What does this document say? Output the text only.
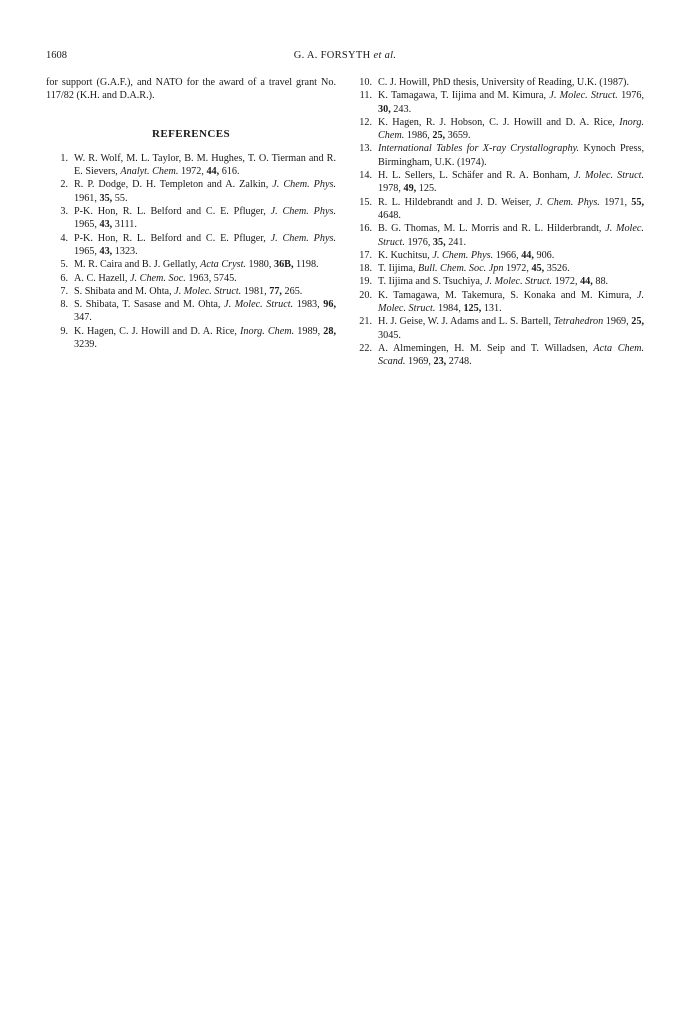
1608	G. A. FORSYTH et al.

for support (G.A.F.), and NATO for the award of a travel grant No. 117/82 (K.H. and D.A.R.).

REFERENCES
1. W. R. Wolf, M. L. Taylor, B. M. Hughes, T. O. Tierman and R. E. Sievers, Analyt. Chem. 1972, 44, 616.
2. R. P. Dodge, D. H. Templeton and A. Zalkin, J. Chem. Phys. 1961, 35, 55.
3. P-K. Hon, R. L. Belford and C. E. Pfluger, J. Chem. Phys. 1965, 43, 3111.
4. P-K. Hon, R. L. Belford and C. E. Pfluger, J. Chem. Phys. 1965, 43, 1323.
5. M. R. Caira and B. J. Gellatly, Acta Cryst. 1980, 36B, 1198.
6. A. C. Hazell, J. Chem. Soc. 1963, 5745.
7. S. Shibata and M. Ohta, J. Molec. Struct. 1981, 77, 265.
8. S. Shibata, T. Sasase and M. Ohta, J. Molec. Struct. 1983, 96, 347.
9. K. Hagen, C. J. Howill and D. A. Rice, Inorg. Chem. 1989, 28, 3239.
10. C. J. Howill, PhD thesis, University of Reading, U.K. (1987).
11. K. Tamagawa, T. Iijima and M. Kimura, J. Molec. Struct. 1976, 30, 243.
12. K. Hagen, R. J. Hobson, C. J. Howill and D. A. Rice, Inorg. Chem. 1986, 25, 3659.
13. International Tables for X-ray Crystallography. Kynoch Press, Birmingham, U.K. (1974).
14. H. L. Sellers, L. Schäfer and R. A. Bonham, J. Molec. Struct. 1978, 49, 125.
15. R. L. Hildebrandt and J. D. Weiser, J. Chem. Phys. 1971, 55, 4648.
16. B. G. Thomas, M. L. Morris and R. L. Hilderbrandt, J. Molec. Struct. 1976, 35, 241.
17. K. Kuchitsu, J. Chem. Phys. 1966, 44, 906.
18. T. Iijima, Bull. Chem. Soc. Jpn 1972, 45, 3526.
19. T. Iijima and S. Tsuchiya, J. Molec. Struct. 1972, 44, 88.
20. K. Tamagawa, M. Takemura, S. Konaka and M. Kimura, J. Molec. Struct. 1984, 125, 131.
21. H. J. Geise, W. J. Adams and L. S. Bartell, Tetrahedron 1969, 25, 3045.
22. A. Almemingen, H. M. Seip and T. Willadsen, Acta Chem. Scand. 1969, 23, 2748.
